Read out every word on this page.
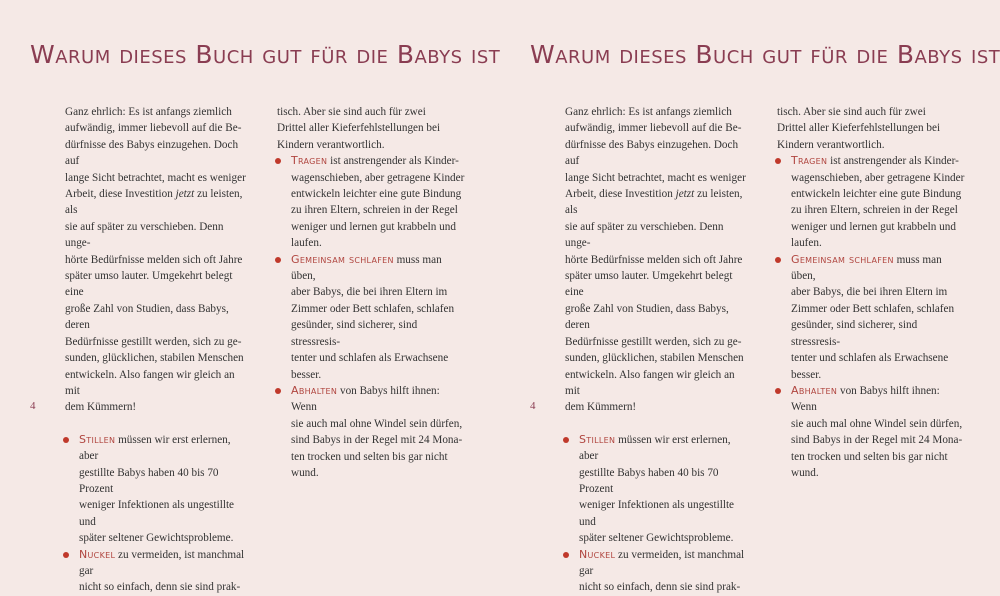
Warum dieses Buch gut für die Babys ist

Ganz ehrlich: Es ist anfangs ziemlich
aufwändig, immer liebevoll auf die Be-
dürfnisse des Babys einzugehen. Doch auf
lange Sicht betrachtet, macht es weniger
Arbeit, diese Investition jetzt zu leisten, als
sie auf später zu verschieben. Denn unge-
hörte Bedürfnisse melden sich oft Jahre
später umso lauter. Umgekehrt belegt eine
große Zahl von Studien, dass Babys, deren
Bedürfnisse gestillt werden, sich zu ge-
sunden, glücklichen, stabilen Menschen
entwickeln. Also fangen wir gleich an mit
dem Kümmern!

Stillen müssen wir erst erlernen, aber
gestillte Babys haben 40 bis 70 Prozent
weniger Infektionen als ungestillte und
später seltener Gewichtsprobleme.

Nuckel zu vermeiden, ist manchmal gar
nicht so einfach, denn sie sind prak-

tisch. Aber sie sind auch für zwei
Drittel aller Kieferfehlstellungen bei
Kindern verantwortlich.

Tragen ist anstrengender als Kinder-
wagenschieben, aber getragene Kinder
entwickeln leichter eine gute Bindung
zu ihren Eltern, schreien in der Regel
weniger und lernen gut krabbeln und
laufen.

Gemeinsam schlafen muss man üben,
aber Babys, die bei ihren Eltern im
Zimmer oder Bett schlafen, schlafen
gesünder, sind sicherer, sind stressresis-
tenter und schlafen als Erwachsene
besser.

Abhalten von Babys hilft ihnen: Wenn
sie auch mal ohne Windel sein dürfen,
sind Babys in der Regel mit 24 Mona-
ten trocken und selten bis gar nicht
wund.

4
Warum dieses Buch gut für die Babys ist

Ganz ehrlich: Es ist anfangs ziemlich
aufwändig, immer liebevoll auf die Be-
dürfnisse des Babys einzugehen. Doch auf
lange Sicht betrachtet, macht es weniger
Arbeit, diese Investition jetzt zu leisten, als
sie auf später zu verschieben. Denn unge-
hörte Bedürfnisse melden sich oft Jahre
später umso lauter. Umgekehrt belegt eine
große Zahl von Studien, dass Babys, deren
Bedürfnisse gestillt werden, sich zu ge-
sunden, glücklichen, stabilen Menschen
entwickeln. Also fangen wir gleich an mit
dem Kümmern!

Stillen müssen wir erst erlernen, aber
gestillte Babys haben 40 bis 70 Prozent
weniger Infektionen als ungestillte und
später seltener Gewichtsprobleme.

Nuckel zu vermeiden, ist manchmal gar
nicht so einfach, denn sie sind prak-

tisch. Aber sie sind auch für zwei
Drittel aller Kieferfehlstellungen bei
Kindern verantwortlich.

Tragen ist anstrengender als Kinder-
wagenschieben, aber getragene Kinder
entwickeln leichter eine gute Bindung
zu ihren Eltern, schreien in der Regel
weniger und lernen gut krabbeln und
laufen.

Gemeinsam schlafen muss man üben,
aber Babys, die bei ihren Eltern im
Zimmer oder Bett schlafen, schlafen
gesünder, sind sicherer, sind stressresis-
tenter und schlafen als Erwachsene
besser.

Abhalten von Babys hilft ihnen: Wenn
sie auch mal ohne Windel sein dürfen,
sind Babys in der Regel mit 24 Mona-
ten trocken und selten bis gar nicht
wund.

4
